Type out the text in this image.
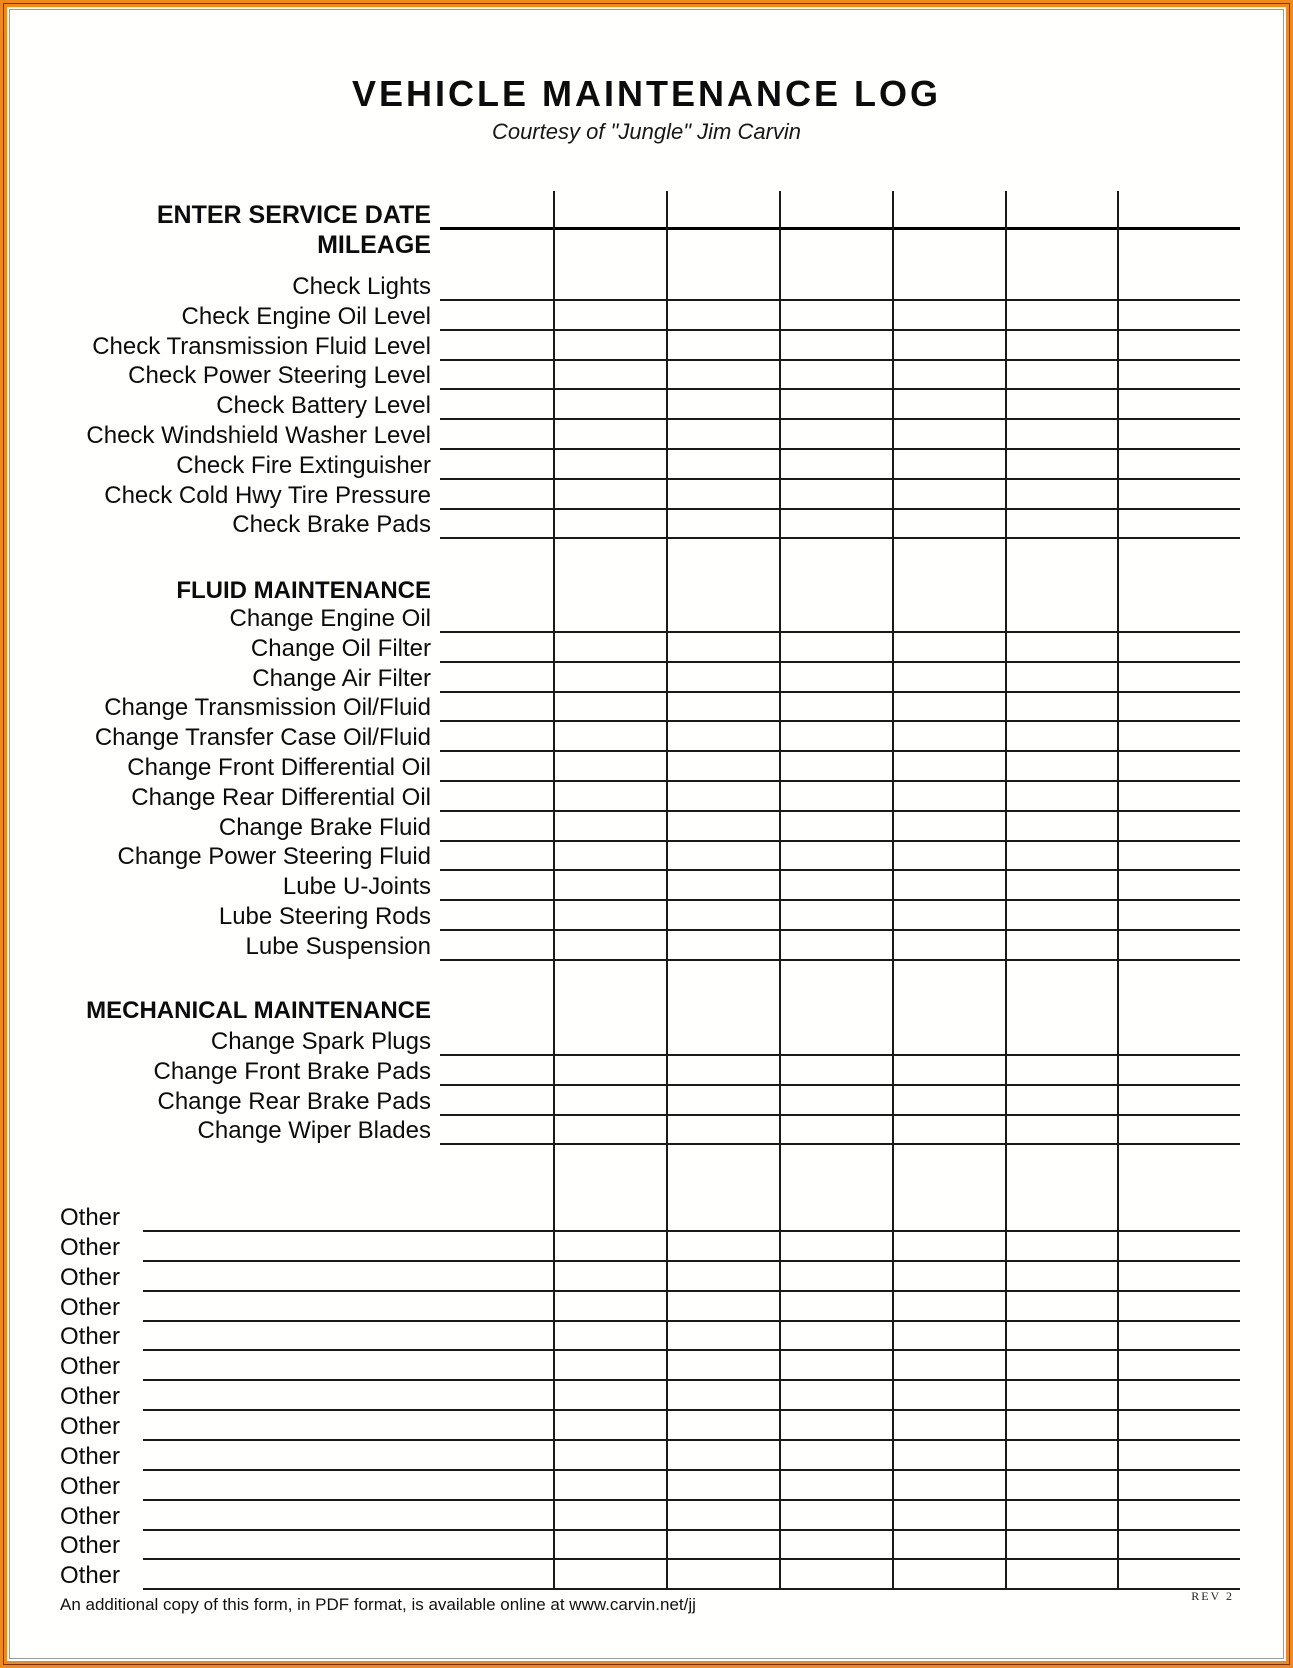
VEHICLE MAINTENANCE LOG
Courtesy of "Jungle" Jim Carvin
ENTER SERVICE DATE
MILEAGE
Check Lights
Check Engine Oil Level
Check Transmission Fluid Level
Check Power Steering Level
Check Battery Level
Check Windshield Washer Level
Check Fire Extinguisher
Check Cold Hwy Tire Pressure
Check Brake Pads
FLUID MAINTENANCE
Change Engine Oil
Change Oil Filter
Change Air Filter
Change Transmission Oil/Fluid
Change Transfer Case Oil/Fluid
Change Front Differential Oil
Change Rear Differential Oil
Change Brake Fluid
Change Power Steering Fluid
Lube U-Joints
Lube Steering Rods
Lube Suspension
MECHANICAL MAINTENANCE
Change Spark Plugs
Change Front Brake Pads
Change Rear Brake Pads
Change Wiper Blades
Other
Other
Other
Other
Other
Other
Other
Other
Other
Other
Other
Other
Other
An additional copy of this form, in PDF format, is available online at www.carvin.net/jj	REV 2
